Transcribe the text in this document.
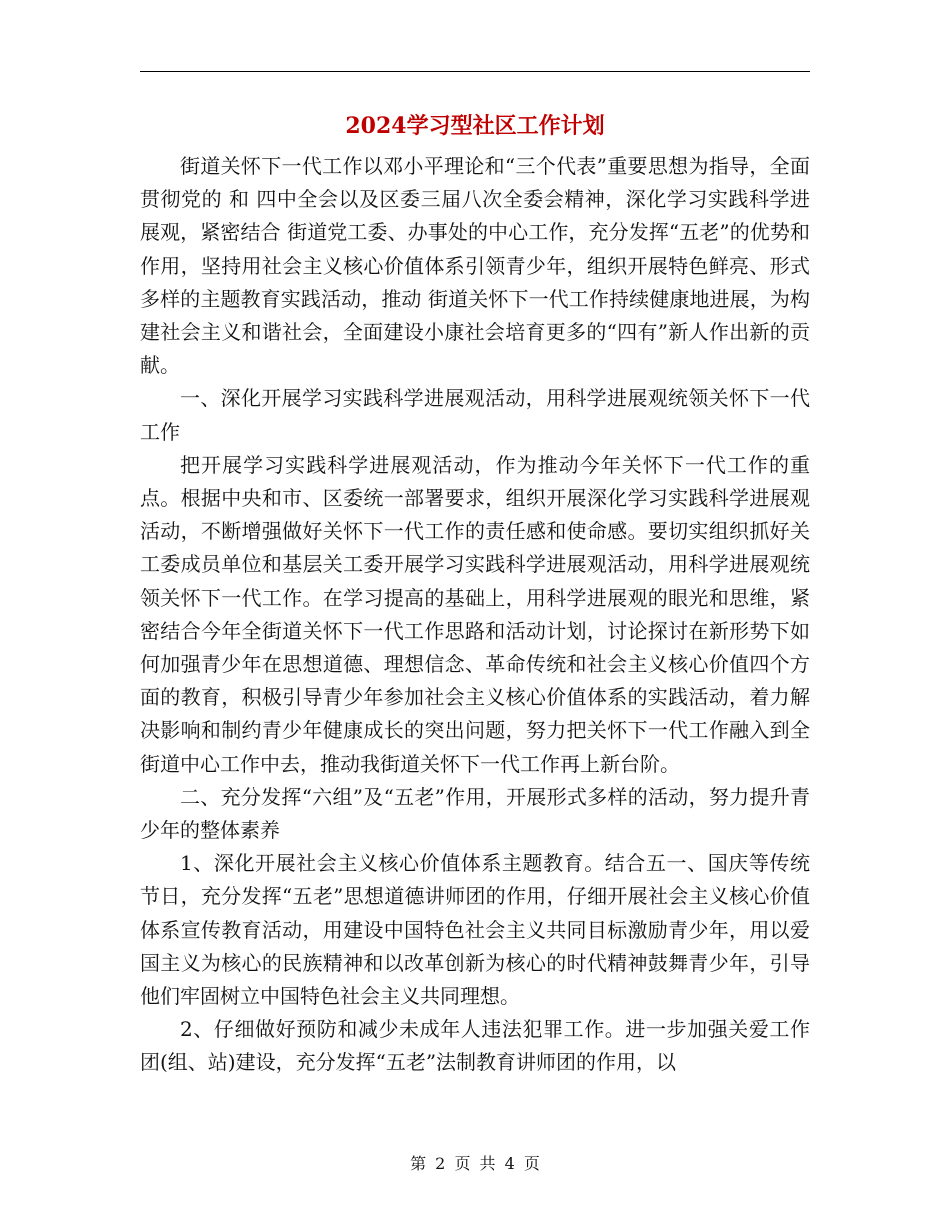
2024学习型社区工作计划

街道关怀下一代工作以邓小平理论和“三个代表”重要思想为指导，全面贯彻党的 和 四中全会以及区委三届八次全委会精神，深化学习实践科学进展观，紧密结合 街道党工委、办事处的中心工作，充分发挥“五老”的优势和作用，坚持用社会主义核心价值体系引领青少年，组织开展特色鲜亮、形式多样的主题教育实践活动，推动 街道关怀下一代工作持续健康地进展，为构建社会主义和谐社会，全面建设小康社会培育更多的“四有”新人作出新的贡献。

一、深化开展学习实践科学进展观活动，用科学进展观统领关怀下一代工作

把开展学习实践科学进展观活动，作为推动今年关怀下一代工作的重点。根据中央和市、区委统一部署要求，组织开展深化学习实践科学进展观活动，不断增强做好关怀下一代工作的责任感和使命感。要切实组织抓好关工委成员单位和基层关工委开展学习实践科学进展观活动，用科学进展观统领关怀下一代工作。在学习提高的基础上，用科学进展观的眼光和思维，紧密结合今年全街道关怀下一代工作思路和活动计划，讨论探讨在新形势下如何加强青少年在思想道德、理想信念、革命传统和社会主义核心价值四个方面的教育，积极引导青少年参加社会主义核心价值体系的实践活动，着力解决影响和制约青少年健康成长的突出问题，努力把关怀下一代工作融入到全街道中心工作中去，推动我街道关怀下一代工作再上新台阶。

二、充分发挥“六组”及“五老”作用，开展形式多样的活动，努力提升青少年的整体素养

1、深化开展社会主义核心价值体系主题教育。结合五一、国庆等传统节日，充分发挥“五老”思想道德讲师团的作用，仔细开展社会主义核心价值体系宣传教育活动，用建设中国特色社会主义共同目标激励青少年，用以爱国主义为核心的民族精神和以改革创新为核心的时代精神鼓舞青少年，引导他们牢固树立中国特色社会主义共同理想。

2、仔细做好预防和减少未成年人违法犯罪工作。进一步加强关爱工作团(组、站)建设，充分发挥“五老”法制教育讲师团的作用，以

第 2 页 共 4 页
